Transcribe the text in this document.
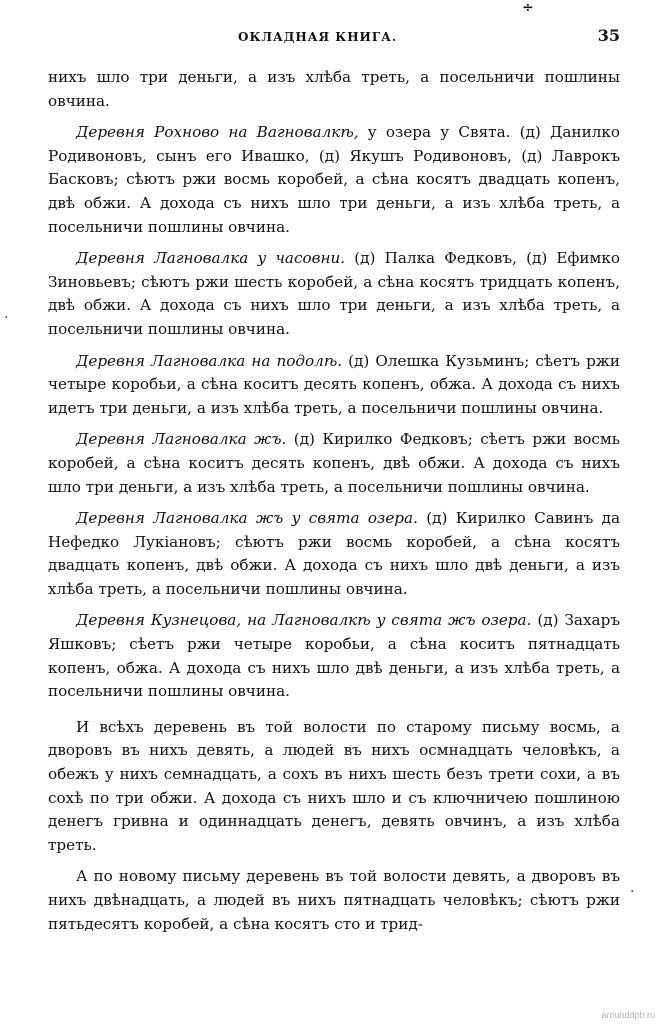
÷
ОКЛАДНАЯ КНИГА.	35

нихъ шло три деньги, а изъ хлѣба треть, а посельничи пошлины овчина.

Деревня Рохново на Вагновалкѣ, у озера у Свята. (д) Данилко Родивоновъ, сынъ его Ивашко, (д) Якушъ Родивоновъ, (д) Лаврокъ Басковъ; сѣютъ ржи восмь коробей, а сѣна косятъ двадцать копенъ, двѣ обжи. А дохода съ нихъ шло три деньги, а изъ хлѣба треть, а посельничи пошлины овчина.

Деревня Лагновалка у часовни. (д) Палка Федковъ, (д) Ефимко Зиновьевъ; сѣютъ ржи шесть коробей, а сѣна косятъ тридцать копенъ, двѣ обжи. А дохода съ нихъ шло три деньги, а изъ хлѣба треть, а посельничи пошлины овчина.

Деревня Лагновалка на подолѣ. (д) Олешка Кузьминъ; сѣетъ ржи четыре коробьи, а сѣна коситъ десять копенъ, обжа. А дохода съ нихъ идетъ три деньги, а изъ хлѣба треть, а посельничи пошлины овчина.

Деревня Лагновалка жъ. (д) Кирилко Федковъ; сѣетъ ржи восмь коробей, а сѣна коситъ десять копенъ, двѣ обжи. А дохода съ нихъ шло три деньги, а изъ хлѣба треть, а посельничи пошлины овчина.

Деревня Лагновалка жъ у свята озера. (д) Кирилко Савинъ да Нефедко Лукіановъ; сѣютъ ржи восмь коробей, а сѣна косятъ двадцать копенъ, двѣ обжи. А дохода съ нихъ шло двѣ деньги, а изъ хлѣба треть, а посельничи пошлины овчина.

Деревня Кузнецова, на Лагновалкѣ у свята жъ озера. (д) Захаръ Яшковъ; сѣетъ ржи четыре коробьи, а сѣна коситъ пятнадцать копенъ, обжа. А дохода съ нихъ шло двѣ деньги, а изъ хлѣба треть, а посельничи пошлины овчина.

И всѣхъ деревень въ той волости по старому письму восмь, а дворовъ въ нихъ девять, а людей въ нихъ осмнадцать человѣкъ, а обежъ у нихъ семнадцать, а сохъ въ нихъ шесть безъ трети сохи, а въ сохѣ по три обжи. А дохода съ нихъ шло и съ ключничею пошлиною денегъ гривна и одиннадцать денегъ, девять овчинъ, а изъ хлѣба треть.

А по новому письму деревень въ той волости девять, а дворовъ въ нихъ двѣнадцать, а людей въ нихъ пятнадцать человѣкъ; сѣютъ ржи пятьдесятъ коробей, а сѣна косятъ сто и трид-

·
·
arounddpb.ru
